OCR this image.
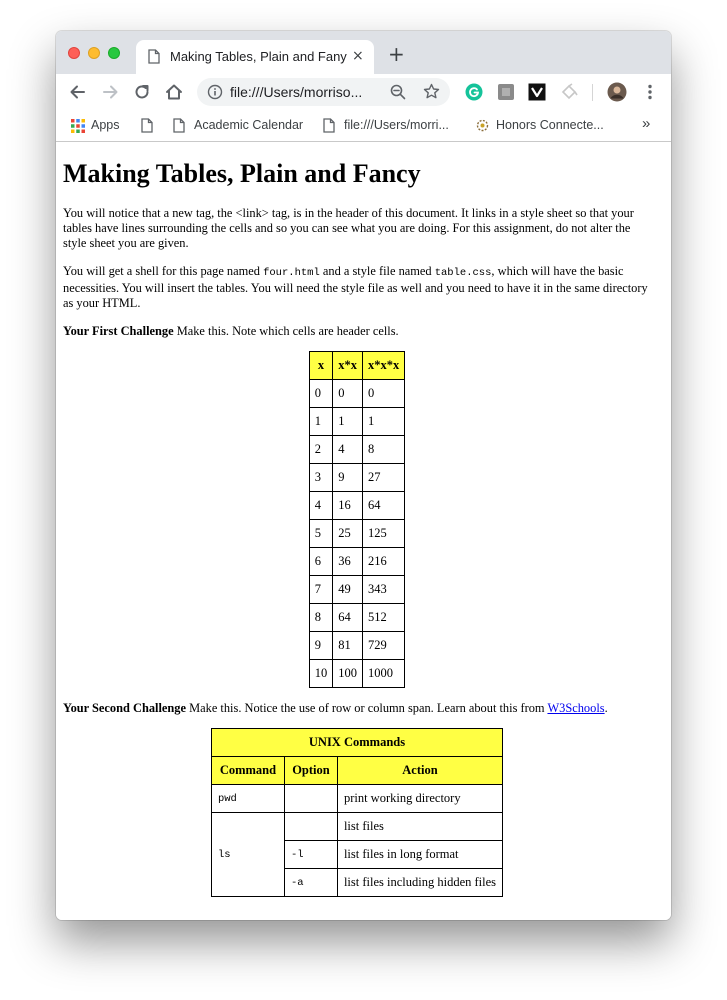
Making Tables, Plain and Fany × +
file:///Users/morriso...
Apps	Academic Calendar	file:///Users/morri...	Honors Connecte...	»
Making Tables, Plain and Fancy

You will notice that a new tag, the <link> tag, is in the header of this document. It links in a style sheet so that your tables have lines surrounding the cells and so you can see what you are doing. For this assignment, do not alter the style sheet you are given.

You will get a shell for this page named four.html and a style file named table.css, which will have the basic necessities. You will insert the tables. You will need the style file as well and you need to have it in the same directory as your HTML.

Your First Challenge Make this. Note which cells are header cells.

x	x*x	x*x*x
0	0	0
1	1	1
2	4	8
3	9	27
4	16	64
5	25	125
6	36	216
7	49	343
8	64	512
9	81	729
10	100	1000

Your Second Challenge Make this. Notice the use of row or column span. Learn about this from W3Schools.

UNIX Commands		
Command	Option	Action
pwd		print working directory
ls		list files
	-l	list files in long format
	-a	list files including hidden files
